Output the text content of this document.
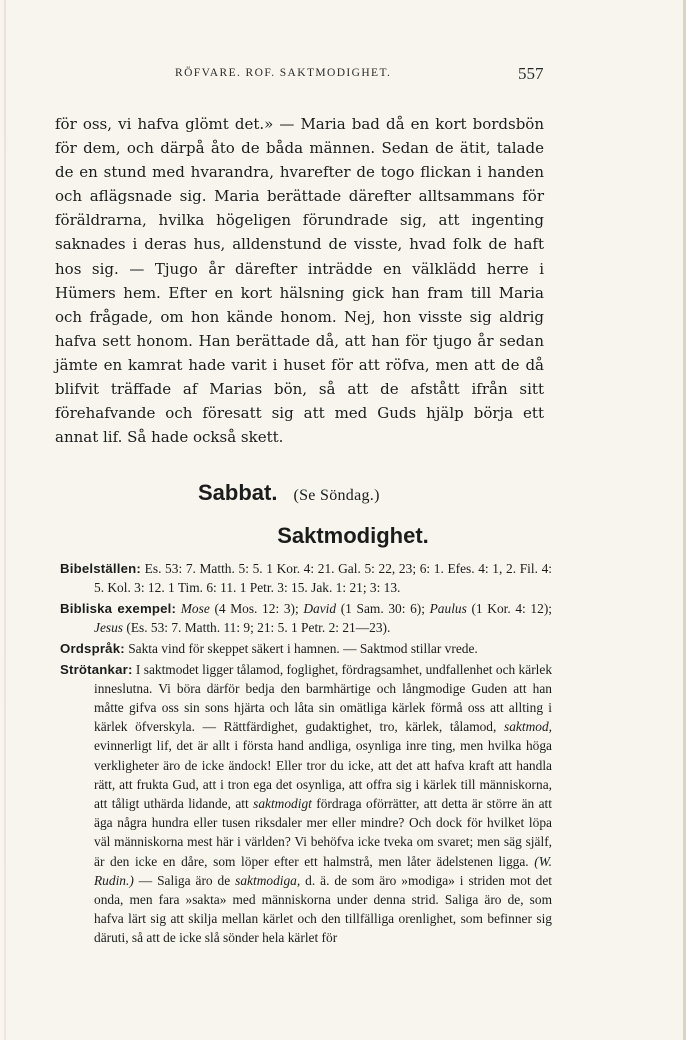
RÖFVARE. ROF. SAKTMODIGHET.	557

för oss, vi hafva glömt det.» — Maria bad då en kort bordsbön för dem, och därpå åto de båda männen. Sedan de ätit, talade de en stund med hvarandra, hvarefter de togo flickan i handen och aflägsnade sig. Maria berättade därefter alltsammans för föräldrarna, hvilka högeligen förundrade sig, att ingenting saknades i deras hus, alldenstund de visste, hvad folk de haft hos sig. — Tjugo år därefter inträdde en välklädd herre i Hümers hem. Efter en kort hälsning gick han fram till Maria och frågade, om hon kände honom. Nej, hon visste sig aldrig hafva sett honom. Han berättade då, att han för tjugo år sedan jämte en kamrat hade varit i huset för att röfva, men att de då blifvit träffade af Marias bön, så att de afstått ifrån sitt förehafvande och föresatt sig att med Guds hjälp börja ett annat lif. Så hade också skett.

Sabbat. (Se Söndag.)
Saktmodighet.

Bibelställen: Es. 53: 7. Matth. 5: 5. 1 Kor. 4: 21. Gal. 5: 22, 23; 6: 1. Efes. 4: 1, 2. Fil. 4: 5. Kol. 3: 12. 1 Tim. 6: 11. 1 Petr. 3: 15. Jak. 1: 21; 3: 13.

Bibliska exempel: Mose (4 Mos. 12: 3); David (1 Sam. 30: 6); Paulus (1 Kor. 4: 12); Jesus (Es. 53: 7. Matth. 11: 9; 21: 5. 1 Petr. 2: 21—23).

Ordspråk: Sakta vind för skeppet säkert i hamnen. — Saktmod stillar vrede.

Strötankar: I saktmodet ligger tålamod, foglighet, fördragsamhet, undfallenhet och kärlek inneslutna. Vi böra därför bedja den barmhärtige och långmodige Guden att han måtte gifva oss sin sons hjärta och låta sin omätliga kärlek förmå oss att allting i kärlek öfverskyla. — Rättfärdighet, gudaktighet, tro, kärlek, tålamod, saktmod, evinnerligt lif, det är allt i första hand andliga, osynliga inre ting, men hvilka höga verkligheter äro de icke ändock! Eller tror du icke, att det att hafva kraft att handla rätt, att frukta Gud, att i tron ega det osynliga, att offra sig i kärlek till människorna, att tåligt uthärda lidande, att saktmodigt fördraga oförrätter, att detta är större än att äga några hundra eller tusen riksdaler mer eller mindre? Och dock för hvilket löpa väl människorna mest här i världen? Vi behöfva icke tveka om svaret; men säg själf, är den icke en dåre, som löper efter ett halmstrå, men låter ädelstenen ligga. (W. Rudin.) — Saliga äro de saktmodiga, d. ä. de som äro »modiga» i striden mot det onda, men fara »sakta» med människorna under denna strid. Saliga äro de, som hafva lärt sig att skilja mellan kärlet och den tillfälliga orenlighet, som befinner sig däruti, så att de icke slå sönder hela kärlet för
